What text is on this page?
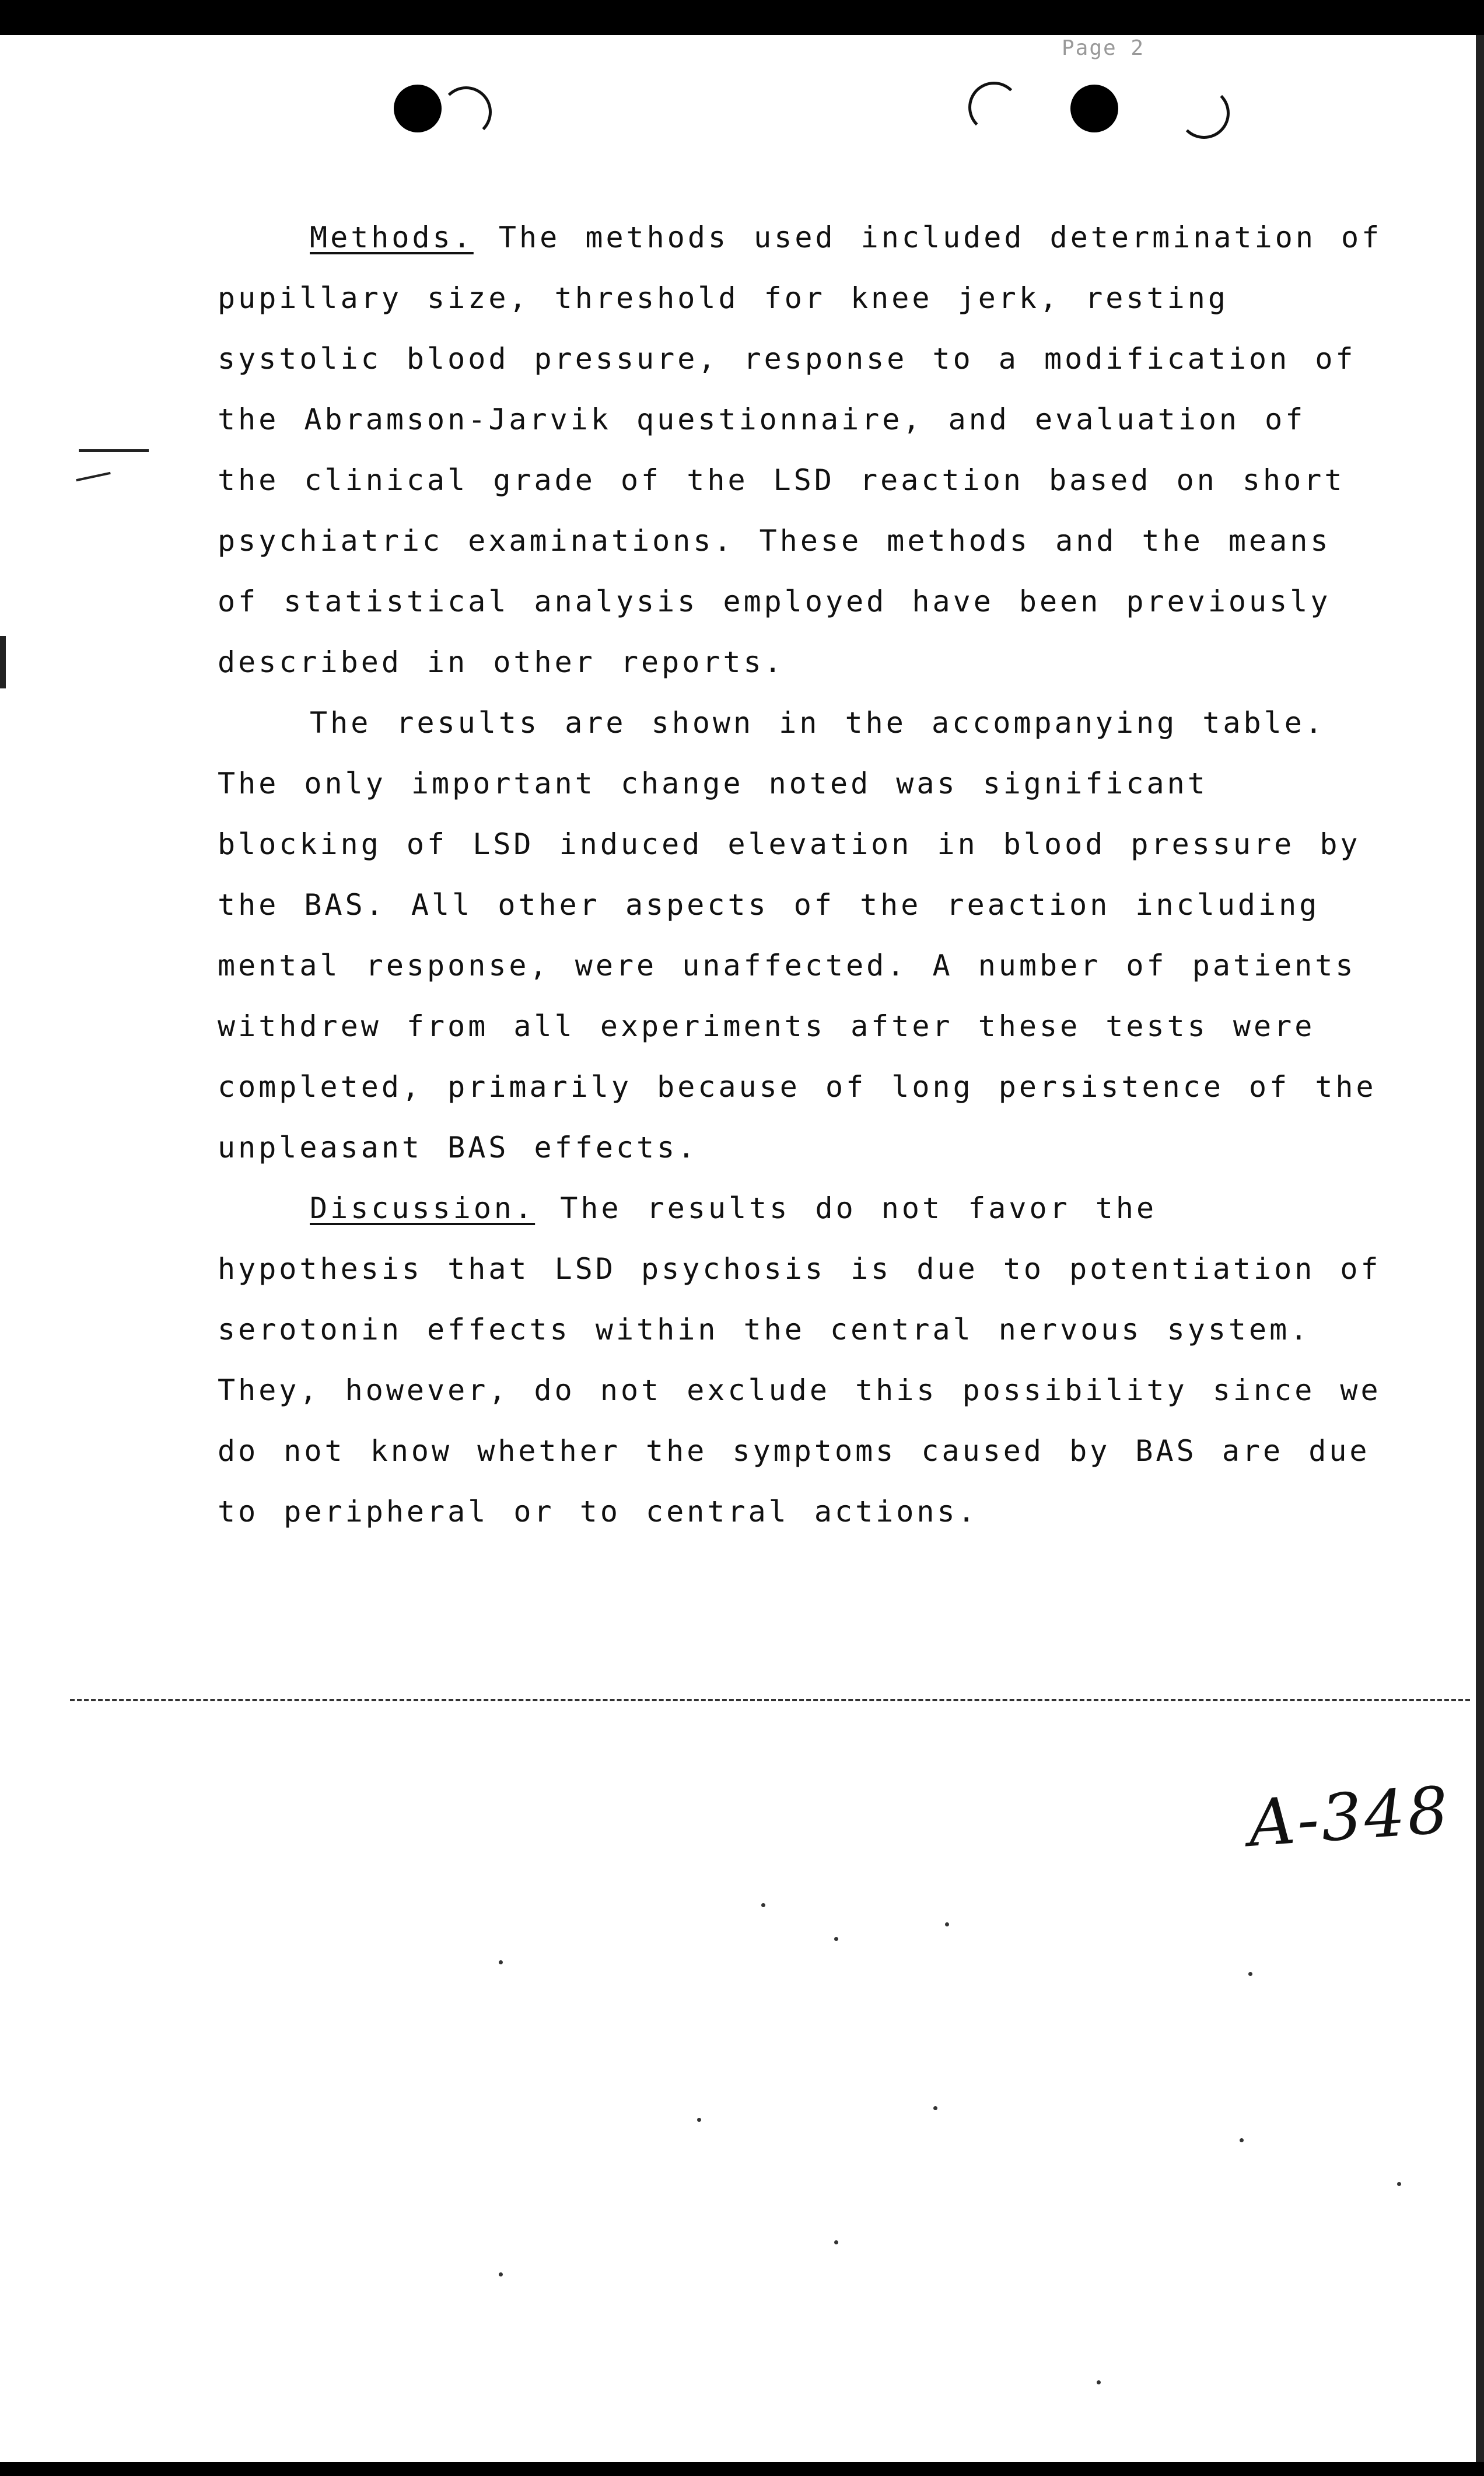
Page 2

Methods. The methods used included determination of pupillary size, threshold for knee jerk, resting systolic blood pressure, response to a modification of the Abramson-Jarvik questionnaire, and evaluation of the clinical grade of the LSD reaction based on short psychiatric examinations. These methods and the means of statistical analysis employed have been previously described in other reports.

The results are shown in the accompanying table. The only important change noted was significant blocking of LSD induced elevation in blood pressure by the BAS. All other aspects of the reaction including mental response, were unaffected. A number of patients withdrew from all experiments after these tests were completed, primarily because of long persistence of the unpleasant BAS effects.

Discussion. The results do not favor the hypothesis that LSD psychosis is due to potentiation of serotonin effects within the central nervous system. They, however, do not exclude this possibility since we do not know whether the symptoms caused by BAS are due to peripheral or to central actions.

A-348
